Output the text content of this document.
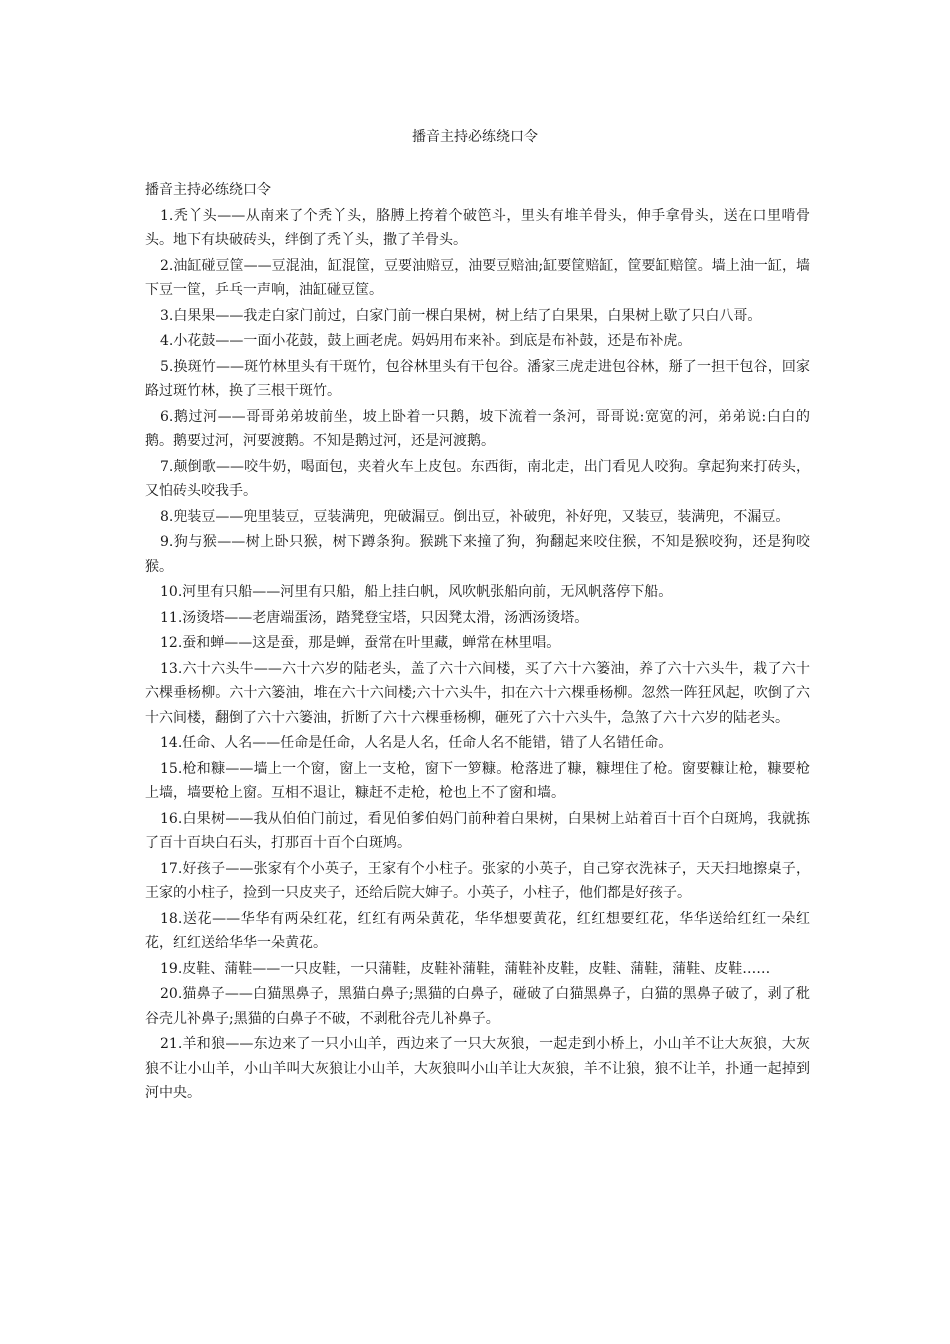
播音主持必练绕口令

播音主持必练绕口令

1.秃丫头——从南来了个秃丫头，胳膊上挎着个破笆斗，里头有堆羊骨头，伸手拿骨头，送在口里啃骨头。地下有块破砖头，绊倒了秃丫头，撒了羊骨头。

2.油缸碰豆筐——豆混油，缸混筐，豆要油赔豆，油要豆赔油;缸要筐赔缸，筐要缸赔筐。墙上油一缸，墙下豆一筐，乒乓一声响，油缸碰豆筐。

3.白果果——我走白家门前过，白家门前一棵白果树，树上结了白果果，白果树上歇了只白八哥。

4.小花鼓——一面小花鼓，鼓上画老虎。妈妈用布来补。到底是布补鼓，还是布补虎。

5.换斑竹——斑竹林里头有干斑竹，包谷林里头有干包谷。潘家三虎走进包谷林，掰了一担干包谷，回家路过斑竹林，换了三根干斑竹。

6.鹅过河——哥哥弟弟坡前坐，坡上卧着一只鹅，坡下流着一条河，哥哥说:宽宽的河，弟弟说:白白的鹅。鹅要过河，河要渡鹅。不知是鹅过河，还是河渡鹅。

7.颠倒歌——咬牛奶，喝面包，夹着火车上皮包。东西街，南北走，出门看见人咬狗。拿起狗来打砖头，又怕砖头咬我手。

8.兜装豆——兜里装豆，豆装满兜，兜破漏豆。倒出豆，补破兜，补好兜，又装豆，装满兜，不漏豆。

9.狗与猴——树上卧只猴，树下蹲条狗。猴跳下来撞了狗，狗翻起来咬住猴，不知是猴咬狗，还是狗咬猴。

10.河里有只船——河里有只船，船上挂白帆，风吹帆张船向前，无风帆落停下船。

11.汤烫塔——老唐端蛋汤，踏凳登宝塔，只因凳太滑，汤洒汤烫塔。

12.蚕和蝉——这是蚕，那是蝉，蚕常在叶里藏，蝉常在林里唱。

13.六十六头牛——六十六岁的陆老头，盖了六十六间楼，买了六十六篓油，养了六十六头牛，栽了六十六棵垂杨柳。六十六篓油，堆在六十六间楼;六十六头牛，扣在六十六棵垂杨柳。忽然一阵狂风起，吹倒了六十六间楼，翻倒了六十六篓油，折断了六十六棵垂杨柳，砸死了六十六头牛，急煞了六十六岁的陆老头。

14.任命、人名——任命是任命，人名是人名，任命人名不能错，错了人名错任命。

15.枪和糠——墙上一个窗，窗上一支枪，窗下一箩糠。枪落进了糠，糠埋住了枪。窗要糠让枪，糠要枪上墙，墙要枪上窗。互相不退让，糠赶不走枪，枪也上不了窗和墙。

16.白果树——我从伯伯门前过，看见伯爹伯妈门前种着白果树，白果树上站着百十百个白斑鸠，我就拣了百十百块白石头，打那百十百个白斑鸠。

17.好孩子——张家有个小英子，王家有个小柱子。张家的小英子，自己穿衣洗袜子，天天扫地擦桌子，王家的小柱子，捡到一只皮夹子，还给后院大婶子。小英子，小柱子，他们都是好孩子。

18.送花——华华有两朵红花，红红有两朵黄花，华华想要黄花，红红想要红花，华华送给红红一朵红花，红红送给华华一朵黄花。

19.皮鞋、蒲鞋——一只皮鞋，一只蒲鞋，皮鞋补蒲鞋，蒲鞋补皮鞋，皮鞋、蒲鞋，蒲鞋、皮鞋……

20.猫鼻子——白猫黑鼻子，黑猫白鼻子;黑猫的白鼻子，碰破了白猫黑鼻子，白猫的黑鼻子破了，剥了秕谷壳儿补鼻子;黑猫的白鼻子不破，不剥秕谷壳儿补鼻子。

21.羊和狼——东边来了一只小山羊，西边来了一只大灰狼，一起走到小桥上，小山羊不让大灰狼，大灰狼不让小山羊，小山羊叫大灰狼让小山羊，大灰狼叫小山羊让大灰狼，羊不让狼，狼不让羊，扑通一起掉到河中央。
